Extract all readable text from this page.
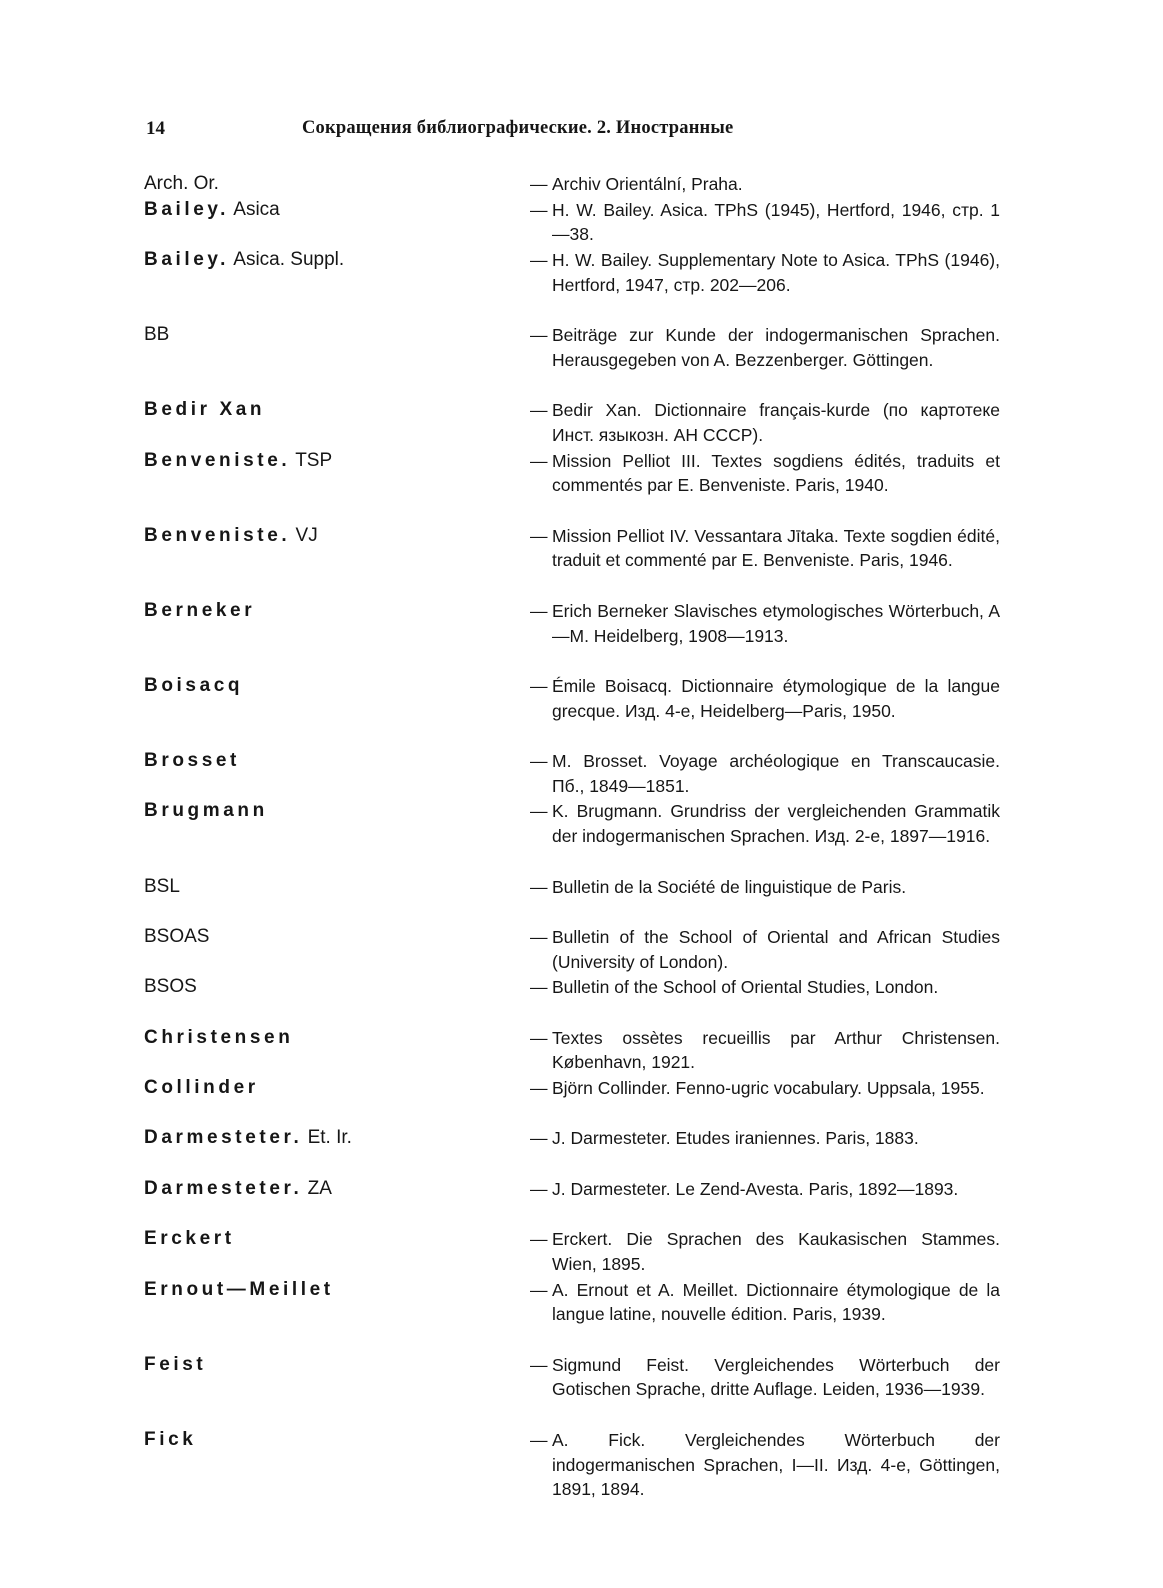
14	Сокращения библиографические. 2. Иностранные
Arch. Or.	— Archiv Orientální, Praha.
Bailey. Asica	— H. W. Bailey. Asica. TPhS (1945), Hertford, 1946, стр. 1—38.
Bailey. Asica. Suppl.	— H. W. Bailey. Supplementary Note to Asica. TPhS (1946), Hertford, 1947, стр. 202—206.
BB	— Beiträge zur Kunde der indogermanischen Sprachen. Herausgegeben von A. Bezzenberger. Göttingen.
Bedir Xan	— Bedir Xan. Dictionnaire français-kurde (по картотеке Инст. языкозн. АН СССР).
Benveniste. TSP	— Mission Pelliot III. Textes sogdiens édités, traduits et commentés par E. Benveniste. Paris, 1940.
Benveniste. VJ	— Mission Pelliot IV. Vessantara Jītaka. Texte sogdien édité, traduit et commenté par E. Benveniste. Paris, 1946.
Berneker	— Erich Berneker Slavisches etymologisches Wörterbuch, A—M. Heidelberg, 1908—1913.
Boisacq	— Émile Boisacq. Dictionnaire étymologique de la langue grecque. Изд. 4-е, Heidelberg—Paris, 1950.
Brosset	— M. Brosset. Voyage archéologique en Transcaucasie. Пб., 1849—1851.
Brugmann	— K. Brugmann. Grundriss der vergleichenden Grammatik der indogermanischen Sprachen. Изд. 2-е, 1897—1916.
BSL	— Bulletin de la Société de linguistique de Paris.
BSOAS	— Bulletin of the School of Oriental and African Studies (University of London).
BSOS	— Bulletin of the School of Oriental Studies, London.
Christensen	— Textes ossètes recueillis par Arthur Christensen. København, 1921.
Collinder	— Björn Collinder. Fenno-ugric vocabulary. Uppsala, 1955.
Darmesteter. Et. Ir.	— J. Darmesteter. Etudes iraniennes. Paris, 1883.
Darmesteter. ZA	— J. Darmesteter. Le Zend-Avesta. Paris, 1892—1893.
Erckert	— Erckert. Die Sprachen des Kaukasischen Stammes. Wien, 1895.
Ernout—Meillet	— A. Ernout et A. Meillet. Dictionnaire étymologique de la langue latine, nouvelle édition. Paris, 1939.
Feist	— Sigmund Feist. Vergleichendes Wörterbuch der Gotischen Sprache, dritte Auflage. Leiden, 1936—1939.
Fick	— A. Fick. Vergleichendes Wörterbuch der indogermanischen Sprachen, I—II. Изд. 4-е, Göttingen, 1891, 1894.
